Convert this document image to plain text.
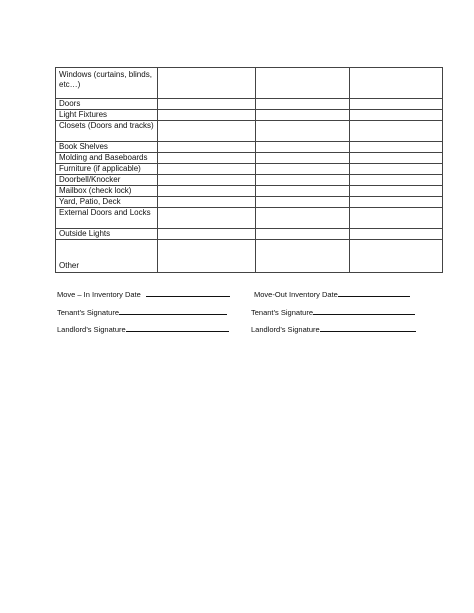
Windows (curtains, blinds, etc…)			
Doors			
Light Fixtures			
Closets (Doors and tracks)			
Book Shelves			
Molding and Baseboards			
Furniture (if applicable)			
Doorbell/Knocker			
Mailbox (check lock)			
Yard, Patio, Deck			
External Doors and Locks			
Outside Lights			
Other			
Move – In Inventory Date	Move-Out Inventory Date
Tenant’s Signature	Tenant’s Signature
Landlord’s Signature	Landlord’s Signature
